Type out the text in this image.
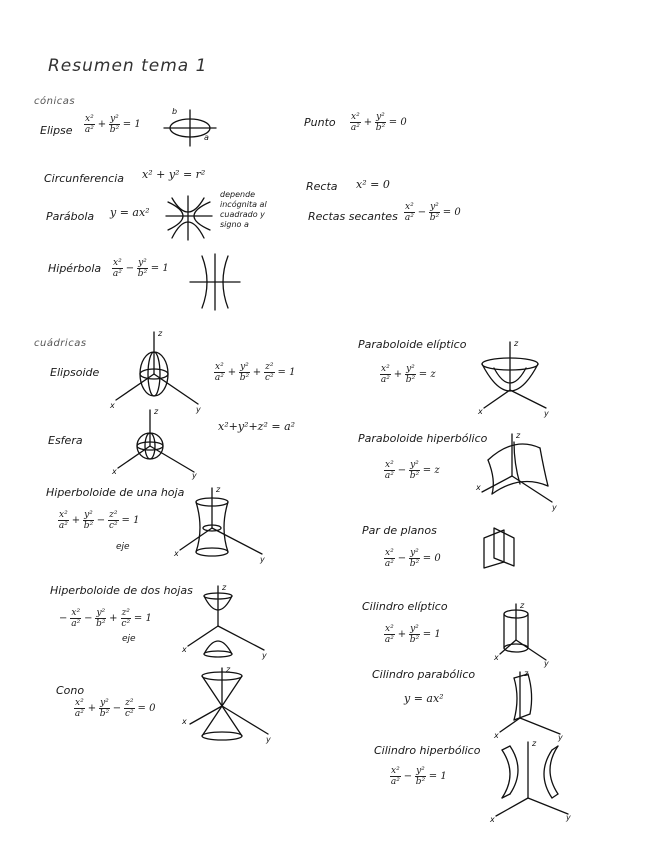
Resumen tema 1
cónicas
Elipse $\frac{\text{x²}}{\text{a²}} + \frac{\text{y²}}{\text{b²}} = 1$
b
a
Punto $\frac{\text{x²}}{\text{a²}} + \frac{\text{y²}}{\text{b²}} = 0$
Circunferencia x² + y² = r²
Recta x² = 0
Parábola y = ax²
depende incógnita al cuadrado y signo a
Rectas secantes $\frac{\text{x²}}{\text{a²}} - \frac{\text{y²}}{\text{b²}} = 0$
Hipérbola $\frac{\text{x²}}{\text{a²}} - \frac{\text{y²}}{\text{b²}} = 1$
cuádricas
Elipsoide
z
x	y
$\frac{\text{x²}}{\text{a²}} + \frac{\text{y²}}{\text{b²}} + \frac{\text{z²}}{\text{c²}} = 1$
Esfera
z
x	y
x²+y²+z² = a²
Hiperboloide de una hoja
$\frac{\text{x²}}{\text{a²}} + \frac{\text{y²}}{\text{b²}} - \frac{\text{z²}}{\text{c²}} = 1$
eje
z
x
y
Hiperboloide de dos hojas
− $\frac{\text{x²}}{\text{a²}} - \frac{\text{y²}}{\text{b²}} + \frac{\text{z²}}{\text{c²}} = 1$
eje
z
x
y
Cono
$\frac{\text{x²}}{\text{a²}} + \frac{\text{y²}}{\text{b²}} - \frac{\text{z²}}{\text{c²}} = 0$
z
x
y
Paraboloide elíptico
$\frac{\text{x²}}{\text{a²}} + \frac{\text{y²}}{\text{b²}} = z$
z
x	y
Paraboloide hiperbólico
$\frac{\text{x²}}{\text{a²}} - \frac{\text{y²}}{\text{b²}} = z$
z
x
y
Par de planos
$\frac{\text{x²}}{\text{a²}} - \frac{\text{y²}}{\text{b²}} = 0$
Cilindro elíptico
$\frac{\text{x²}}{\text{a²}} + \frac{\text{y²}}{\text{b²}} = 1$
z
x
y
Cilindro parabólico
y = ax²
z
x	y
Cilindro hiperbólico
$\frac{\text{x²}}{\text{a²}} - \frac{\text{y²}}{\text{b²}} = 1$
z
x	y
